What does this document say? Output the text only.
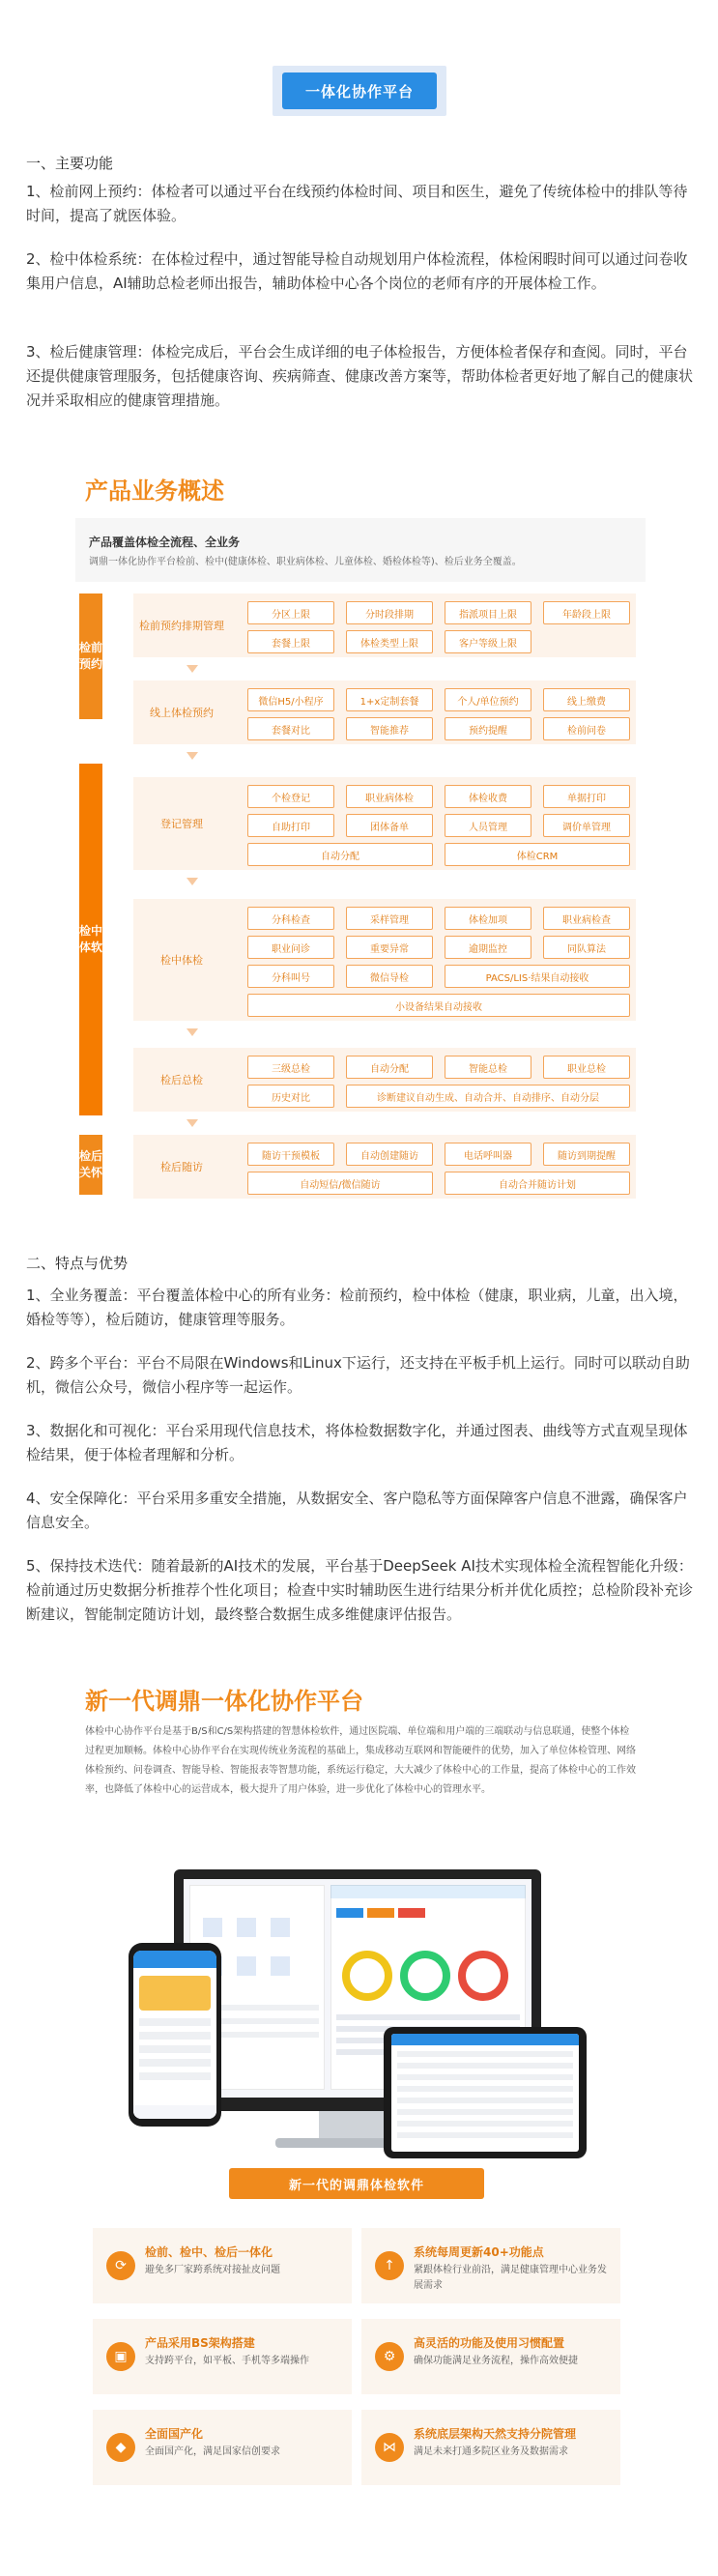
一体化协作平台
一、主要功能
1、检前网上预约：体检者可以通过平台在线预约体检时间、项目和医生，避免了传统体检中的排队等待时间，提高了就医体验。
2、检中体检系统：在体检过程中，通过智能导检自动规划用户体检流程，体检闲暇时间可以通过问卷收集用户信息，AI辅助总检老师出报告，辅助体检中心各个岗位的老师有序的开展体检工作。
3、检后健康管理：体检完成后，平台会生成详细的电子体检报告，方便体检者保存和查阅。同时，平台还提供健康管理服务，包括健康咨询、疾病筛查、健康改善方案等，帮助体检者更好地了解自己的健康状况并采取相应的健康管理措施。
产品业务概述
产品覆盖体检全流程、全业务
调鼎一体化协作平台检前、检中(健康体检、职业病体检、儿童体检、婚检体检等)、检后业务全覆盖。
检前
预约
检中
体软
检后
关怀
检前预约排期管理
分区上限	分时段排期	指派项目上限	年龄段上限
套餐上限	体检类型上限	客户等级上限
线上体检预约
微信H5/小程序	1+x定制套餐	个人/单位预约	线上缴费
套餐对比	智能推荐	预约提醒	检前问卷
登记管理
个检登记	职业病体检	体检收费	单据打印
自助打印	团体备单	人员管理	调价单管理
自动分配	体检CRM
检中体检
分科检查	采样管理	体检加项	职业病检查
职业问诊	重要异常	逾期监控	同队算法
分科叫号	微信导检	PACS/LIS·结果自动接收
小设备结果自动接收
检后总检
三级总检	自动分配	智能总检	职业总检
历史对比	诊断建议自动生成、自动合并、自动排序、自动分层
检后随访
随访干预模板	自动创建随访	电话呼叫器	随访到期提醒
自动短信/微信随访	自动合并随访计划
二、特点与优势
1、全业务覆盖：平台覆盖体检中心的所有业务：检前预约，检中体检（健康，职业病，儿童，出入境，婚检等等），检后随访，健康管理等服务。
2、跨多个平台：平台不局限在Windows和Linux下运行，还支持在平板手机上运行。同时可以联动自助机，微信公众号，微信小程序等一起运作。
3、数据化和可视化：平台采用现代信息技术，将体检数据数字化，并通过图表、曲线等方式直观呈现体检结果，便于体检者理解和分析。
4、安全保障化：平台采用多重安全措施，从数据安全、客户隐私等方面保障客户信息不泄露，确保客户信息安全。
5、保持技术迭代：随着最新的AI技术的发展，平台基于DeepSeek AI技术实现体检全流程智能化升级：检前通过历史数据分析推荐个性化项目；检查中实时辅助医生进行结果分析并优化质控；总检阶段补充诊断建议，智能制定随访计划，最终整合数据生成多维健康评估报告。
新一代调鼎一体化协作平台
体检中心协作平台是基于B/S和C/S架构搭建的智慧体检软件，通过医院端、单位端和用户端的三端联动与信息联通，使整个体检过程更加顺畅。体检中心协作平台在实现传统业务流程的基础上，集成移动互联网和智能硬件的优势，加入了单位体检管理、网络体检预约、问卷调查、智能导检、智能报表等智慧功能，系统运行稳定，大大减少了体检中心的工作量，提高了体检中心的工作效率，也降低了体检中心的运营成本，极大提升了用户体验，进一步优化了体检中心的管理水平。
新一代的调鼎体检软件
⟳
检前、检中、检后一体化
避免多厂家跨系统对接扯皮问题	↑
系统每周更新40+功能点
紧跟体检行业前沿，满足健康管理中心业务发展需求
▣
产品采用BS架构搭建
支持跨平台，如平板、手机等多端操作	⚙
高灵活的功能及使用习惯配置
确保功能满足业务流程，操作高效便捷
◆
全面国产化
全面国产化，满足国家信创要求	⋈
系统底层架构天然支持分院管理
满足未来打通多院区业务及数据需求
